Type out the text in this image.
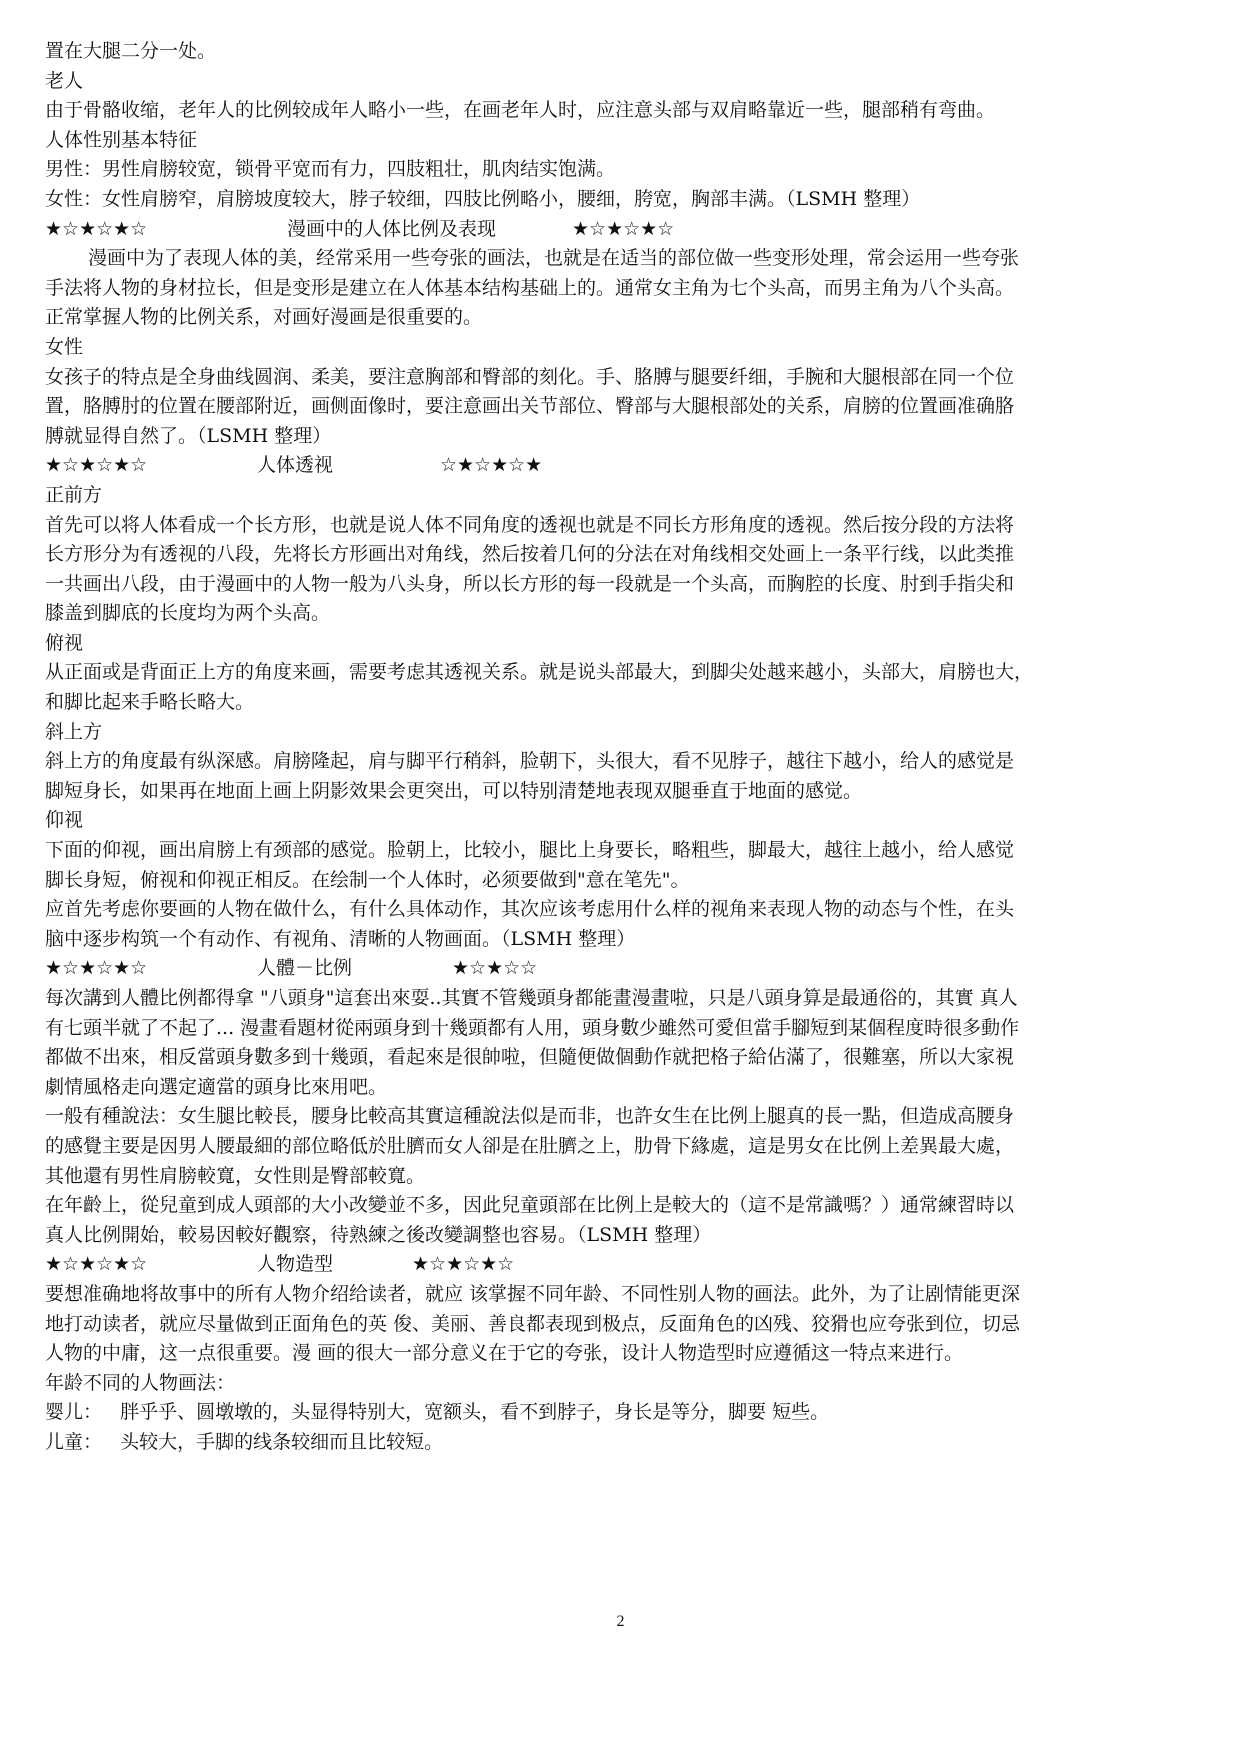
置在大腿二分一处。
老人
由于骨骼收缩，老年人的比例较成年人略小一些，在画老年人时，应注意头部与双肩略靠近一些，腿部稍有弯曲。
人体性别基本特征
男性：男性肩膀较宽，锁骨平宽而有力，四肢粗壮，肌肉结实饱满。
女性：女性肩膀窄，肩膀坡度较大，脖子较细，四肢比例略小，腰细，胯宽，胸部丰满。（LSMH 整理）
★☆★☆★☆	漫画中的人体比例及表现	★☆★☆★☆
漫画中为了表现人体的美，经常采用一些夸张的画法，也就是在适当的部位做一些变形处理，常会运用一些夸张
手法将人物的身材拉长，但是变形是建立在人体基本结构基础上的。通常女主角为七个头高，而男主角为八个头高。
正常掌握人物的比例关系，对画好漫画是很重要的。
女性
女孩子的特点是全身曲线圆润、柔美，要注意胸部和臀部的刻化。手、胳膊与腿要纤细，手腕和大腿根部在同一个位
置，胳膊肘的位置在腰部附近，画侧面像时，要注意画出关节部位、臀部与大腿根部处的关系，肩膀的位置画准确胳
膊就显得自然了。（LSMH 整理）
★☆★☆★☆	人体透视	☆★☆★☆★
正前方
首先可以将人体看成一个长方形，也就是说人体不同角度的透视也就是不同长方形角度的透视。然后按分段的方法将
长方形分为有透视的八段，先将长方形画出对角线，然后按着几何的分法在对角线相交处画上一条平行线，以此类推
一共画出八段，由于漫画中的人物一般为八头身，所以长方形的每一段就是一个头高，而胸腔的长度、肘到手指尖和
膝盖到脚底的长度均为两个头高。
俯视
从正面或是背面正上方的角度来画，需要考虑其透视关系。就是说头部最大，到脚尖处越来越小，头部大，肩膀也大，
和脚比起来手略长略大。
斜上方
斜上方的角度最有纵深感。肩膀隆起，肩与脚平行稍斜，脸朝下，头很大，看不见脖子，越往下越小，给人的感觉是
脚短身长，如果再在地面上画上阴影效果会更突出，可以特别清楚地表现双腿垂直于地面的感觉。
仰视
下面的仰视，画出肩膀上有颈部的感觉。脸朝上，比较小，腿比上身要长，略粗些，脚最大，越往上越小，给人感觉
脚长身短，俯视和仰视正相反。在绘制一个人体时，必须要做到"意在笔先"。
应首先考虑你要画的人物在做什么，有什么具体动作，其次应该考虑用什么样的视角来表现人物的动态与个性，在头
脑中逐步构筑一个有动作、有视角、清晰的人物画面。（LSMH 整理）
★☆★☆★☆	人體－比例	★☆★☆☆
每次講到人體比例都得拿 "八頭身"這套出來耍..其實不管幾頭身都能畫漫畫啦，只是八頭身算是最通俗的，其實 真人
有七頭半就了不起了... 漫畫看題材從兩頭身到十幾頭都有人用，頭身數少雖然可愛但當手腳短到某個程度時很多動作
都做不出來，相反當頭身數多到十幾頭，看起來是很帥啦，但隨便做個動作就把格子給佔滿了，很難塞，所以大家視
劇情風格走向選定適當的頭身比來用吧。
一般有種說法：女生腿比較長，腰身比較高其實這種說法似是而非，也許女生在比例上腿真的長一點，但造成高腰身
的感覺主要是因男人腰最細的部位略低於肚臍而女人卻是在肚臍之上，肋骨下緣處，這是男女在比例上差異最大處，
其他還有男性肩膀較寬，女性則是臀部較寬。
在年齡上，從兒童到成人頭部的大小改變並不多，因此兒童頭部在比例上是較大的（這不是常識嗎？）通常練習時以
真人比例開始，較易因較好觀察，待熟練之後改變調整也容易。（LSMH 整理）
★☆★☆★☆	人物造型	★☆★☆★☆
要想准确地将故事中的所有人物介绍给读者，就应 该掌握不同年龄、不同性别人物的画法。此外，为了让剧情能更深
地打动读者，就应尽量做到正面角色的英 俊、美丽、善良都表现到极点，反面角色的凶残、狡猾也应夸张到位，切忌
人物的中庸，这一点很重要。漫 画的很大一部分意义在于它的夸张，设计人物造型时应遵循这一特点来进行。
年龄不同的人物画法：
婴儿：   胖乎乎、圆墩墩的，头显得特别大，宽额头，看不到脖子，身长是等分，脚要 短些。
儿童：   头较大，手脚的线条较细而且比较短。
2
